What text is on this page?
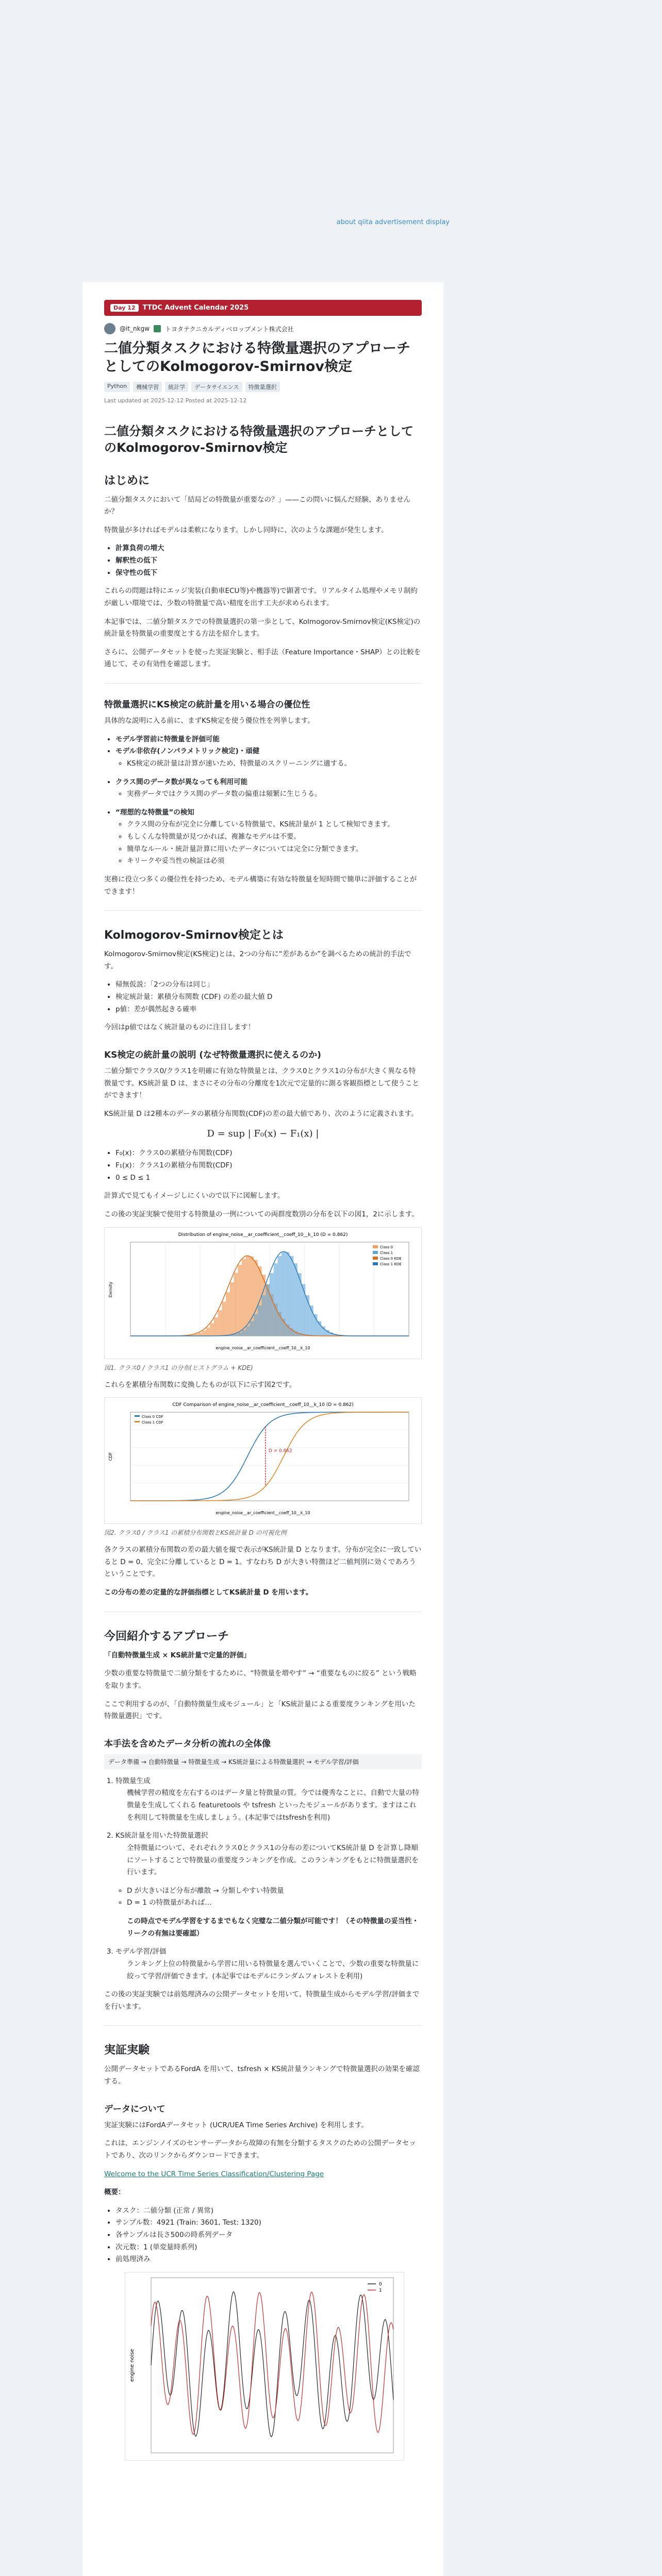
about qiita advertisement display
Day 12	TTDC Advent Calendar 2025
@it_nkgw	トヨタテクニカルディベロップメント株式会社
二値分類タスクにおける特徴量選択のアプローチとしてのKolmogorov-Smirnov検定
Python	機械学習	統計学	データサイエンス	特徴量選択
Last updated at 2025-12-12 Posted at 2025-12-12
二値分類タスクにおける特徴量選択のアプローチとしてのKolmogorov-Smirnov検定
はじめに

二値分類タスクにおいて「結局どの特徴量が重要なの？」——この問いに悩んだ経験、ありませんか？

特徴量が多ければモデルは柔軟になります。しかし同時に、次のような課題が発生します。

• 計算負荷の増大
• 解釈性の低下
• 保守性の低下

これらの問題は特にエッジ実装(自動車ECU等)や機器等)で顕著です。リアルタイム処理やメモリ制約が厳しい環境では、少数の特徴量で高い精度を出す工夫が求められます。

本記事では、二値分類タスクでの特徴量選択の第一歩として、Kolmogorov-Smirnov検定(KS検定)の統計量を特徴量の重要度とする方法を紹介します。

さらに、公開データセットを使った実証実験と、相手法（Feature Importance・SHAP）との比較を通じて、その有効性を確認します。

特徴量選択にKS検定の統計量を用いる場合の優位性

具体的な説明に入る前に、まずKS検定を使う優位性を列挙します。

• モデル学習前に特徴量を評価可能
• モデル非依存(ノンパラメトリック検定)・頑健
◦ KS検定の統計量は計算が速いため、特徴量のスクリーニングに適する。
• クラス間のデータ数が異なっても利用可能
◦ 実務データではクラス間のデータ数の偏重は頻繁に生じうる。
• “理想的な特徴量”の検知
◦ クラス間の分布が完全に分離している特徴量で、KS統計量が 1 として検知できます。
◦ もしくんな特徴量が見つかれば、複雑なモデルは不要。
◦ 簡単なルール・統計量計算に用いたデータについては完全に分類できます。
◦ キリークや妥当性の検証は必須

実務に役立つ多くの優位性を持つため、モデル構築に有効な特徴量を短時間で簡単に評価することができます！

Kolmogorov-Smirnov検定とは

Kolmogorov-Smirnov検定(KS検定)とは、2つの分布に“差があるか”を調べるための統計的手法です。

• 帰無仮説：「2つの分布は同じ」
• 検定統計量：累積分布関数 (CDF) の差の最大値 D
• p値：差が偶然起きる確率

今回はp値ではなく統計量のものに注目します！

KS検定の統計量の説明 (なぜ特徴量選択に使えるのか)

二値分類でクラス0/クラス1を明確に有効な特徴量とは、クラス0とクラス1の分布が大きく異なる特徴量です。KS統計量 D は、まさにその分布の分離度を1次元で定量的に測る客観指標として使うことができます！

KS統計量 D は2種本のデータの累積分布関数(CDF)の差の最大値であり、次のように定義されます。

D = sup | F₀(x) − F₁(x) |
• F₀(x)：クラス0の累積分布関数(CDF)
• F₁(x)：クラス1の累積分布関数(CDF)
• 0 ≤ D ≤ 1

計算式で見てもイメージしにくいので以下に図解します。

この後の実証実験で使用する特徴量の一例についての両群度数別の分布を以下の図1，2に示します。

Distribution of engine_noise__ar_coefficient__coeff_10__k_10 (D = 0.862)
Class 0
Class 1
Class 0 KDE
Class 1 KDE
engine_noise__ar_coefficient__coeff_10__k_10
Density
図1. クラス0 / クラス1 の分布(ヒストグラム + KDE)

これらを累積分布関数に変換したものが以下に示す図2です。

CDF Comparison of engine_noise__ar_coefficient__coeff_10__k_10 (D = 0.862)
D = 0.862
Class 0 CDF
Class 1 CDF
engine_noise__ar_coefficient__coeff_10__k_10
CDF
図2. クラス0 / クラス1 の累積分布関数とKS統計量 D の可視化例

各クラスの累積分布関数の差の最大値を縦で表示がKS統計量 D となります。分布が完全に一致していると D = 0、完全に分離していると D = 1。すなわち D が大きい特徴ほど二値判別に効くであろうということです。

この分布の差の定量的な評価指標としてKS統計量 D を用います。

今回紹介するアプローチ

「自動特徴量生成 × KS統計量で定量的評価」

少数の重要な特徴量で二値分類をするために、“特徴量を増やす” → “重要なものに絞る” という戦略を取ります。

ここで利用するのが、「自動特徴量生成モジュール」と「KS統計量による重要度ランキングを用いた特徴量選択」です。

本手法を含めたデータ分析の流れの全体像
データ準備 → 自動特徴量 → 特徴量生成 → KS統計量による特徴量選択 → モデル学習/評価
1. 特徴量生成

機械学習の精度を左右するのはデータ量と特徴量の質。今では優秀なことに、自動で大量の特徴量を生成してくれる featuretools や tsfresh といったモジュールがあります。ますはこれを利用して特徴量を生成しましょう。(本記事ではtsfreshを利用)

2. KS統計量を用いた特徴量選択

全特徴量について、それぞれクラス0とクラス1の分布の差についてKS統計量 D を計算し降順にソートすることで特徴量の重要度ランキングを作成。このランキングをもとに特徴量選択を行います。

◦ D が大きいほど分布が離散 → 分類しやすい特徴量
◦ D = 1 の特徴量があれば…

この時点でモデル学習をするまでもなく完璧な二値分類が可能です！（その特徴量の妥当性・リークの有無は要確認）

3. モデル学習/評価

ランキング上位の特徴量から学習に用いる特徴量を選んでいくことで、少数の重要な特徴量に絞って学習/評価できます。(本記事ではモデルにランダムフォレストを利用)

この後の実証実験では前処理済みの公開データセットを用いて、特徴量生成からモデル学習/評価までを行います。

実証実験

公開データセットであるFordA を用いて、tsfresh × KS統計量ランキングで特徴量選択の効果を確認する。

データについて

実証実験にはFordAデータセット (UCR/UEA Time Series Archive) を利用します。

これは、エンジンノイズのセンサーデータから故障の有無を分類するタスクのための公開データセットであり、次のリンクからダウンロードできます。

Welcome to the UCR Time Series Classification/Clustering Page

概要：

• タスク：二値分類 (正常 / 異常)
• サンプル数：4921 (Train: 3601, Test: 1320)
• 各サンプルは長さ500の時系列データ
• 次元数：1 (単変量時系列)
• 前処理済み
0
1
engine noise
